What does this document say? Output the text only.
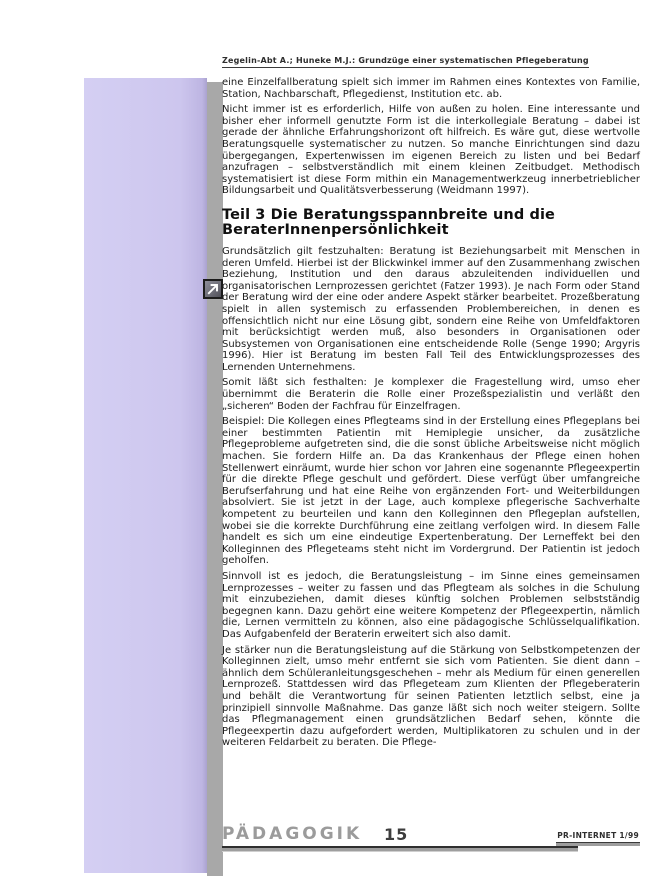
Zegelin-Abt A.; Huneke M.J.: Grundzüge einer systematischen Pflegeberatung
eine Einzelfallberatung spielt sich immer im Rahmen eines Kontextes von Familie, Station, Nachbarschaft, Pflegedienst, Institution etc. ab.
Nicht immer ist es erforderlich, Hilfe von außen zu holen. Eine interessante und bisher eher informell genutzte Form ist die interkollegiale Beratung – dabei ist gerade der ähnliche Erfahrungshorizont oft hilfreich. Es wäre gut, diese wertvolle Beratungsquelle systematischer zu nutzen. So manche Einrichtungen sind dazu übergegangen, Expertenwissen im eigenen Bereich zu listen und bei Bedarf anzufragen – selbstverständlich mit einem kleinen Zeitbudget. Methodisch systematisiert ist diese Form mithin ein Managementwerkzeug innerbetrieblicher Bildungsarbeit und Qualitätsverbesserung (Weidmann 1997).
Teil 3 Die Beratungsspannbreite und die BeraterInnenpersönlichkeit
Grundsätzlich gilt festzuhalten: Beratung ist Beziehungsarbeit mit Menschen in deren Umfeld. Hierbei ist der Blickwinkel immer auf den Zusammenhang zwischen Beziehung, Institution und den daraus abzuleitenden individuellen und organisatorischen Lernprozessen gerichtet (Fatzer 1993). Je nach Form oder Stand der Beratung wird der eine oder andere Aspekt stärker bearbeitet. Prozeßberatung spielt in allen systemisch zu erfassenden Problembereichen, in denen es offensichtlich nicht nur eine Lösung gibt, sondern eine Reihe von Umfeldfaktoren mit berücksichtigt werden muß, also besonders in Organisationen oder Subsystemen von Organisationen eine entscheidende Rolle (Senge 1990; Argyris 1996). Hier ist Beratung im besten Fall Teil des Entwicklungsprozesses des Lernenden Unternehmens.
Somit läßt sich festhalten: Je komplexer die Fragestellung wird, umso eher übernimmt die Beraterin die Rolle einer Prozeßspezialistin und verläßt den „sicheren“ Boden der Fachfrau für Einzelfragen.
Beispiel: Die Kollegen eines Pflegteams sind in der Erstellung eines Pflegeplans bei einer bestimmten Patientin mit Hemiplegie unsicher, da zusätzliche Pflegeprobleme aufgetreten sind, die die sonst übliche Arbeitsweise nicht möglich machen. Sie fordern Hilfe an. Da das Krankenhaus der Pflege einen hohen Stellenwert einräumt, wurde hier schon vor Jahren eine sogenannte Pflegeexpertin für die direkte Pflege geschult und gefördert. Diese verfügt über umfangreiche Berufserfahrung und hat eine Reihe von ergänzenden Fort- und Weiterbildungen absolviert. Sie ist jetzt in der Lage, auch komplexe pflegerische Sachverhalte kompetent zu beurteilen und kann den Kolleginnen den Pflegeplan aufstellen, wobei sie die korrekte Durchführung eine zeitlang verfolgen wird. In diesem Falle handelt es sich um eine eindeutige Expertenberatung. Der Lerneffekt bei den Kolleginnen des Pflegeteams steht nicht im Vordergrund. Der Patientin ist jedoch geholfen.
Sinnvoll ist es jedoch, die Beratungsleistung – im Sinne eines gemeinsamen Lernprozesses – weiter zu fassen und das Pflegteam als solches in die Schulung mit einzubeziehen, damit dieses künftig solchen Problemen selbstständig begegnen kann. Dazu gehört eine weitere Kompetenz der Pflegeexpertin, nämlich die, Lernen vermitteln zu können, also eine pädagogische Schlüsselqualifikation. Das Aufgabenfeld der Beraterin erweitert sich also damit.
Je stärker nun die Beratungsleistung auf die Stärkung von Selbstkompetenzen der Kolleginnen zielt, umso mehr entfernt sie sich vom Patienten. Sie dient dann – ähnlich dem Schüleranleitungsgeschehen – mehr als Medium für einen generellen Lernprozeß. Stattdessen wird das Pflegeteam zum Klienten der Pflegeberaterin und behält die Verantwortung für seinen Patienten letztlich selbst, eine ja prinzipiell sinnvolle Maßnahme. Das ganze läßt sich noch weiter steigern. Sollte das Pflegmanagement einen grundsätzlichen Bedarf sehen, könnte die Pflegeexpertin dazu aufgefordert werden, Multiplikatoren zu schulen und in der weiteren Feldarbeit zu beraten. Die Pflege-
PÄDAGOGIK 15	PR-INTERNET 1/99
